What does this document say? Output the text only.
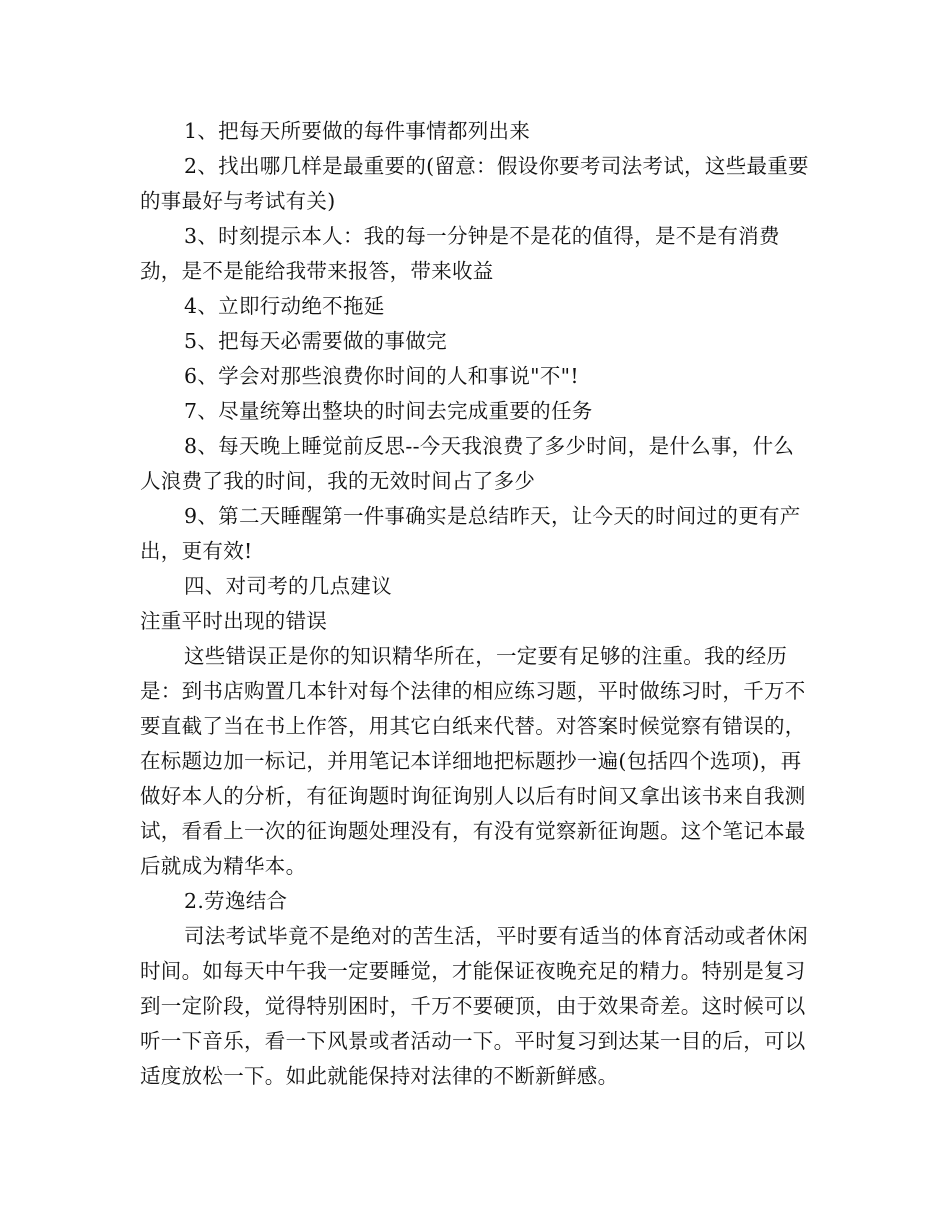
1、把每天所要做的每件事情都列出来

2、找出哪几样是最重要的(留意：假设你要考司法考试，这些最重要的事最好与考试有关)

3、时刻提示本人：我的每一分钟是不是花的值得，是不是有消费劲，是不是能给我带来报答，带来收益

4、立即行动绝不拖延

5、把每天必需要做的事做完

6、学会对那些浪费你时间的人和事说"不"!

7、尽量统筹出整块的时间去完成重要的任务

8、每天晚上睡觉前反思--今天我浪费了多少时间，是什么事，什么人浪费了我的时间，我的无效时间占了多少

9、第二天睡醒第一件事确实是总结昨天，让今天的时间过的更有产出，更有效!

四、对司考的几点建议

注重平时出现的错误

这些错误正是你的知识精华所在，一定要有足够的注重。我的经历是：到书店购置几本针对每个法律的相应练习题，平时做练习时，千万不要直截了当在书上作答，用其它白纸来代替。对答案时候觉察有错误的，在标题边加一标记，并用笔记本详细地把标题抄一遍(包括四个选项)，再做好本人的分析，有征询题时询征询别人以后有时间又拿出该书来自我测试，看看上一次的征询题处理没有，有没有觉察新征询题。这个笔记本最后就成为精华本。

2.劳逸结合

司法考试毕竟不是绝对的苦生活，平时要有适当的体育活动或者休闲时间。如每天中午我一定要睡觉，才能保证夜晚充足的精力。特别是复习到一定阶段，觉得特别困时，千万不要硬顶，由于效果奇差。这时候可以听一下音乐，看一下风景或者活动一下。平时复习到达某一目的后，可以适度放松一下。如此就能保持对法律的不断新鲜感。
